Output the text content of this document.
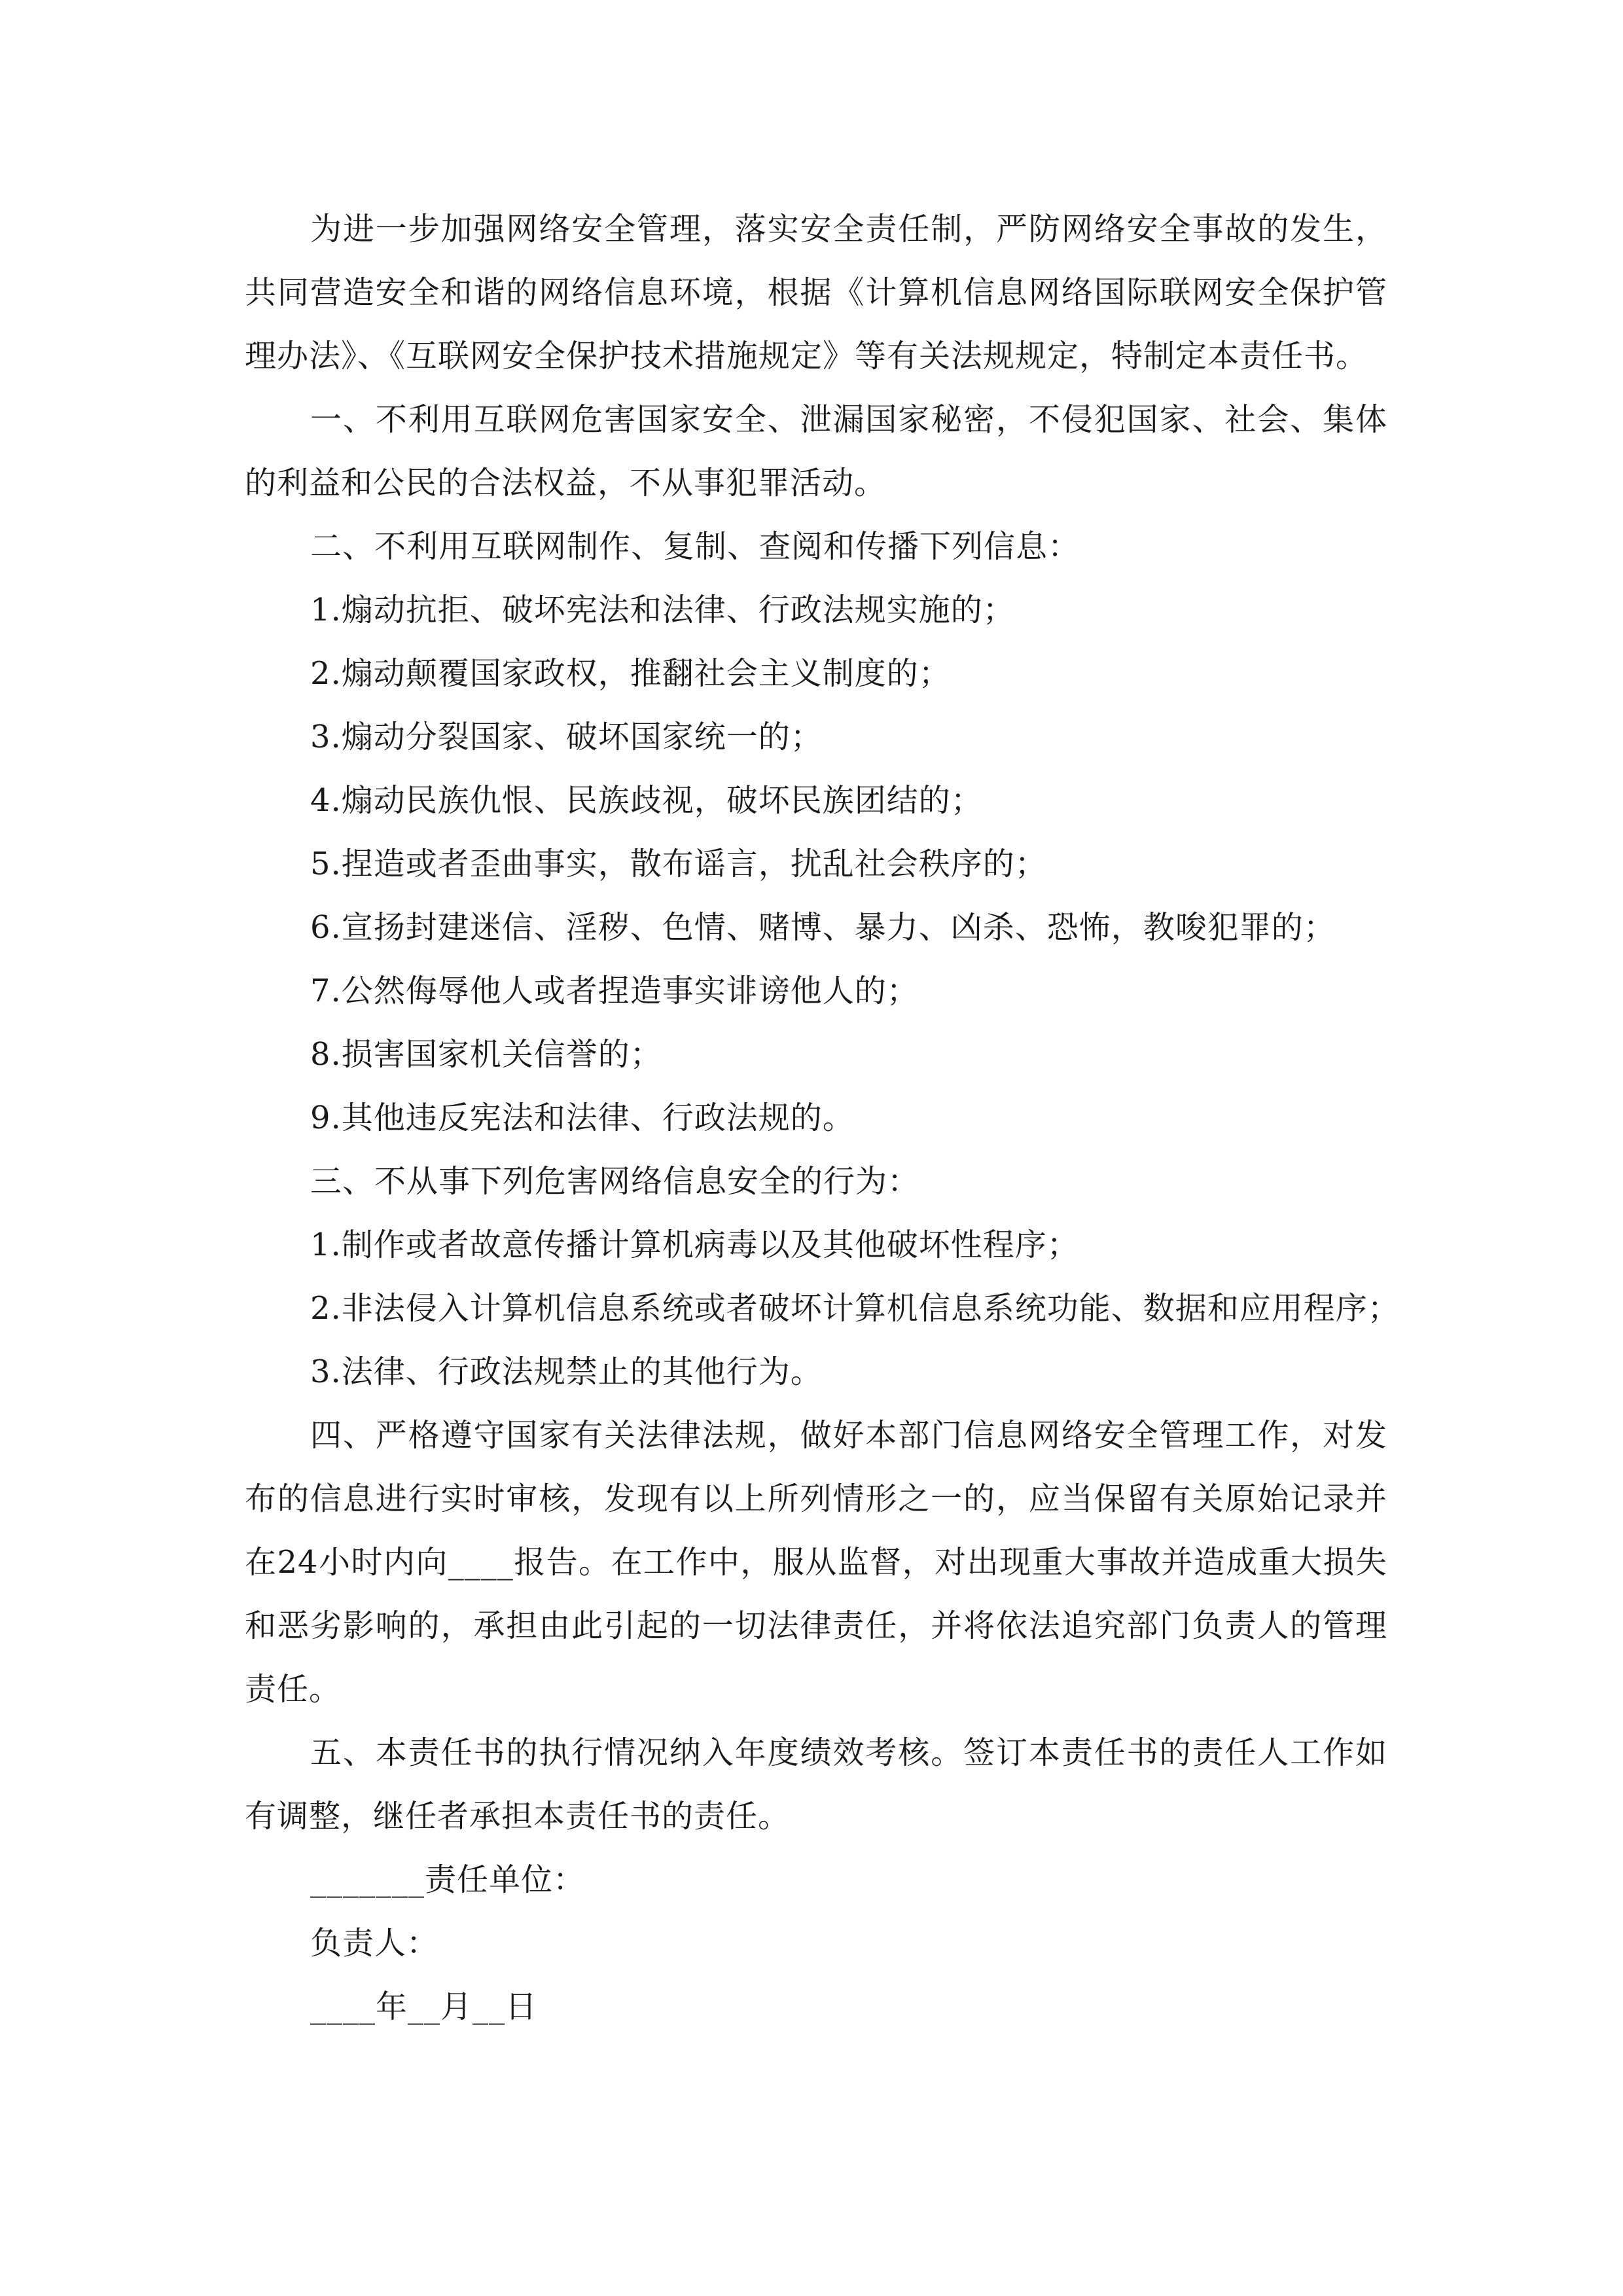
为进一步加强网络安全管理，落实安全责任制，严防网络安全事故的发生，共同营造安全和谐的网络信息环境，根据《计算机信息网络国际联网安全保护管理办法》、《互联网安全保护技术措施规定》等有关法规规定，特制定本责任书。

一、不利用互联网危害国家安全、泄漏国家秘密，不侵犯国家、社会、集体的利益和公民的合法权益，不从事犯罪活动。

二、不利用互联网制作、复制、查阅和传播下列信息：

1.煽动抗拒、破坏宪法和法律、行政法规实施的；

2.煽动颠覆国家政权，推翻社会主义制度的；

3.煽动分裂国家、破坏国家统一的；

4.煽动民族仇恨、民族歧视，破坏民族团结的；

5.捏造或者歪曲事实，散布谣言，扰乱社会秩序的；

6.宣扬封建迷信、淫秽、色情、赌博、暴力、凶杀、恐怖，教唆犯罪的；

7.公然侮辱他人或者捏造事实诽谤他人的；

8.损害国家机关信誉的；

9.其他违反宪法和法律、行政法规的。

三、不从事下列危害网络信息安全的行为：

1.制作或者故意传播计算机病毒以及其他破坏性程序；

2.非法侵入计算机信息系统或者破坏计算机信息系统功能、数据和应用程序；

3.法律、行政法规禁止的其他行为。

四、严格遵守国家有关法律法规，做好本部门信息网络安全管理工作，对发布的信息进行实时审核，发现有以上所列情形之一的，应当保留有关原始记录并在24小时内向____报告。在工作中，服从监督，对出现重大事故并造成重大损失和恶劣影响的，承担由此引起的一切法律责任，并将依法追究部门负责人的管理责任。

五、本责任书的执行情况纳入年度绩效考核。签订本责任书的责任人工作如有调整，继任者承担本责任书的责任。

_______责任单位：

负责人：

____年__月__日
